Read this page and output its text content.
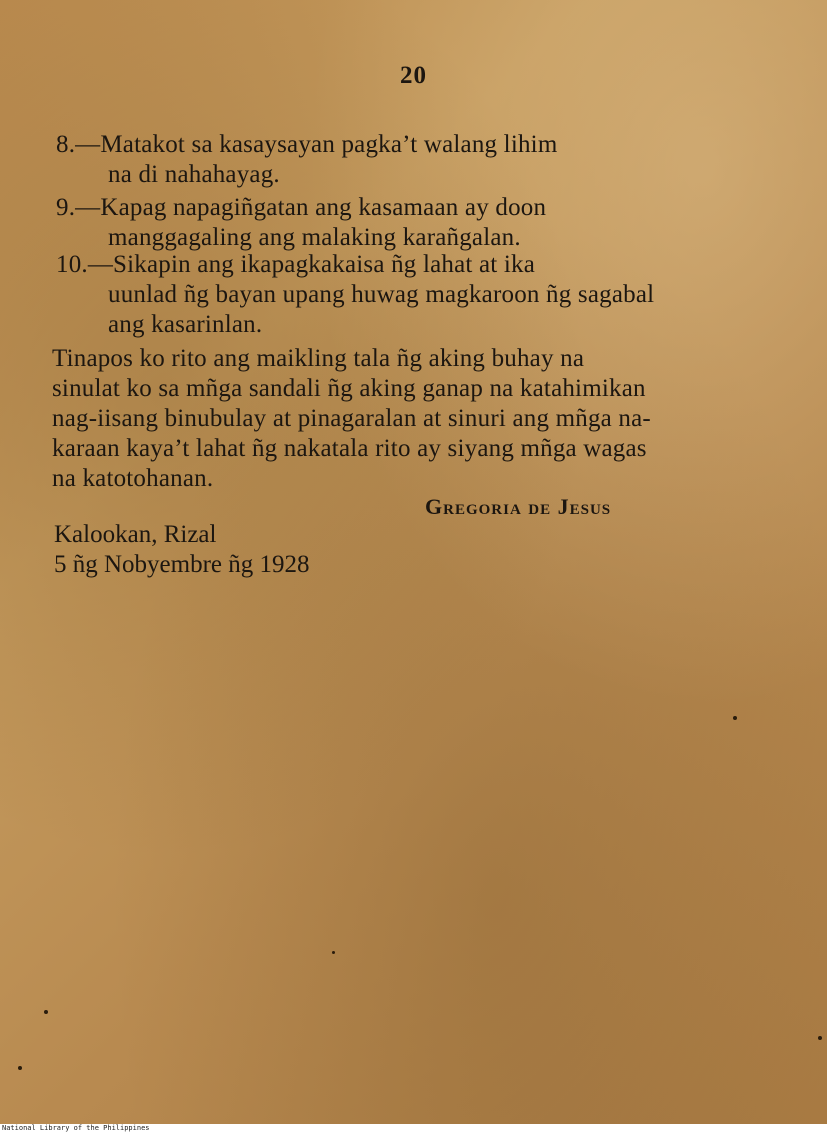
20
8.—Matakot sa kasaysayan pagka’t walang lihim
na di nahahayag.
9.—Kapag napagiñgatan ang kasamaan ay doon
manggagaling ang malaking karañgalan.
10.—Sikapin ang ikapagkakaisa ñg lahat at ika
uunlad ñg bayan upang huwag magkaroon ñg sagabal
ang kasarinlan.
Tinapos ko rito ang maikling tala ñg aking buhay na
sinulat ko sa mñga sandali ñg aking ganap na katahimikan
nag-iisang binubulay at pinagaralan at sinuri ang mñga na-
karaan kaya’t lahat ñg nakatala rito ay siyang mñga wagas
na katotohanan.
Gregoria de Jesus
Kalookan, Rizal
5 ñg Nobyembre ñg 1928
National Library of the Philippines
